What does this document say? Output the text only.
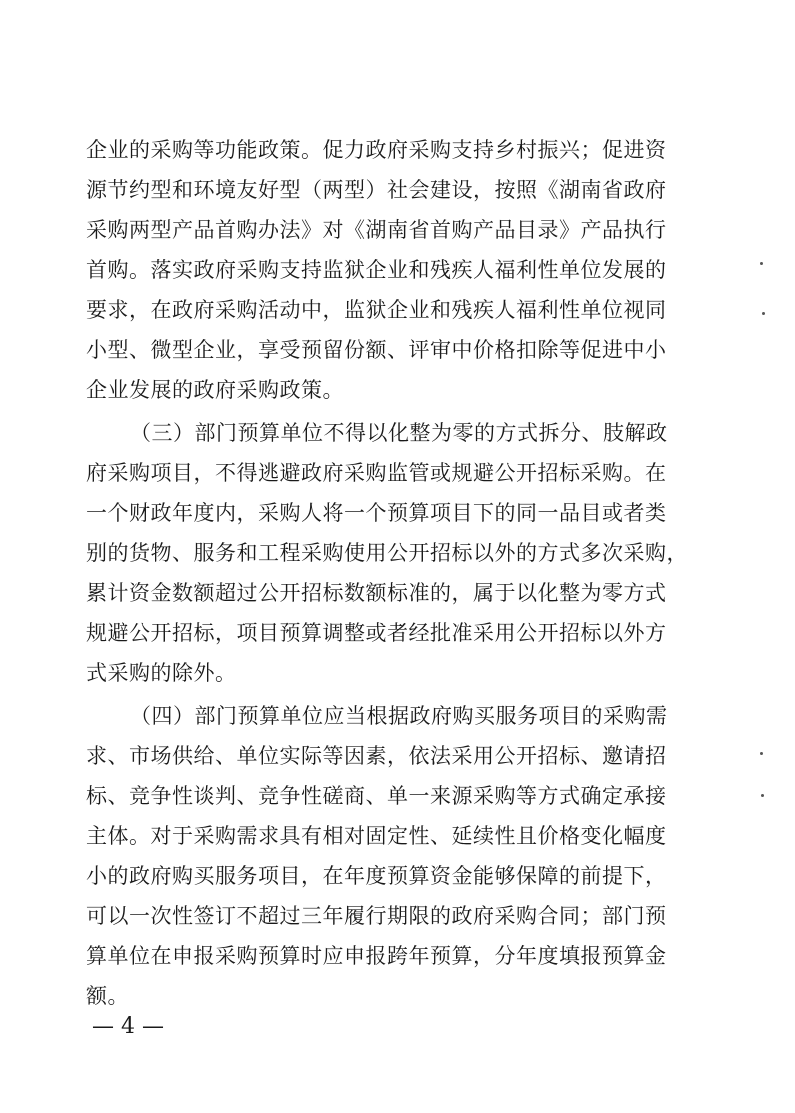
企业的采购等功能政策。促力政府采购支持乡村振兴；促进资
源节约型和环境友好型（两型）社会建设，按照《湖南省政府
采购两型产品首购办法》对《湖南省首购产品目录》产品执行
首购。落实政府采购支持监狱企业和残疾人福利性单位发展的
要求，在政府采购活动中，监狱企业和残疾人福利性单位视同
小型、微型企业，享受预留份额、评审中价格扣除等促进中小
企业发展的政府采购政策。
（三）部门预算单位不得以化整为零的方式拆分、肢解政
府采购项目，不得逃避政府采购监管或规避公开招标采购。在
一个财政年度内，采购人将一个预算项目下的同一品目或者类
别的货物、服务和工程采购使用公开招标以外的方式多次采购，
累计资金数额超过公开招标数额标准的，属于以化整为零方式
规避公开招标，项目预算调整或者经批准采用公开招标以外方
式采购的除外。
（四）部门预算单位应当根据政府购买服务项目的采购需
求、市场供给、单位实际等因素，依法采用公开招标、邀请招
标、竞争性谈判、竞争性磋商、单一来源采购等方式确定承接
主体。对于采购需求具有相对固定性、延续性且价格变化幅度
小的政府购买服务项目，在年度预算资金能够保障的前提下，
可以一次性签订不超过三年履行期限的政府采购合同；部门预
算单位在申报采购预算时应申报跨年预算，分年度填报预算金
额。
— 4 —
